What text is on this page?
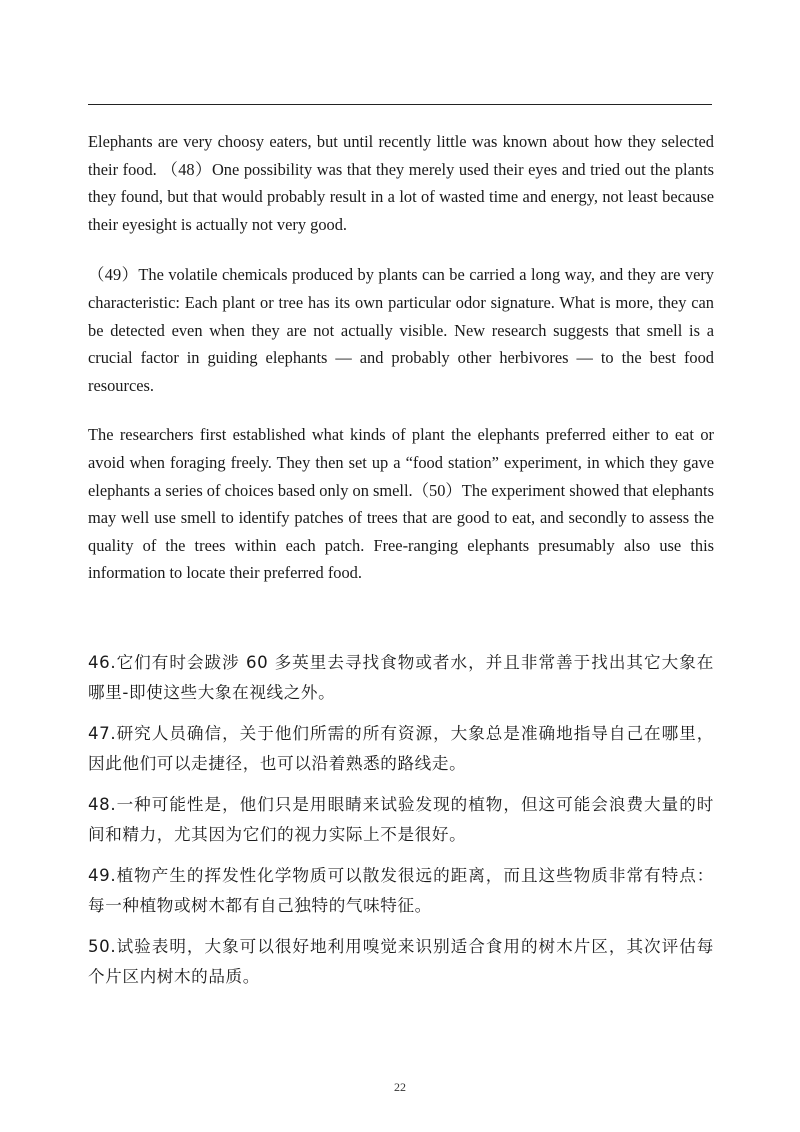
Elephants are very choosy eaters, but until recently little was known about how they selected their food. （48）One possibility was that they merely used their eyes and tried out the plants they found, but that would probably result in a lot of wasted time and energy, not least because their eyesight is actually not very good.

（49）The volatile chemicals produced by plants can be carried a long way, and they are very characteristic: Each plant or tree has its own particular odor signature. What is more, they can be detected even when they are not actually visible. New research suggests that smell is a crucial factor in guiding elephants — and probably other herbivores — to the best food resources.

The researchers first established what kinds of plant the elephants preferred either to eat or avoid when foraging freely. They then set up a “food station” experiment, in which they gave elephants a series of choices based only on smell.（50）The experiment showed that elephants may well use smell to identify patches of trees that are good to eat, and secondly to assess the quality of the trees within each patch. Free-ranging elephants presumably also use this information to locate their preferred food.

46.它们有时会跋涉 60 多英里去寻找食物或者水，并且非常善于找出其它大象在哪里-即使这些大象在视线之外。

47.研究人员确信，关于他们所需的所有资源，大象总是准确地指导自己在哪里，因此他们可以走捷径，也可以沿着熟悉的路线走。

48.一种可能性是，他们只是用眼睛来试验发现的植物，但这可能会浪费大量的时间和精力，尤其因为它们的视力实际上不是很好。

49.植物产生的挥发性化学物质可以散发很远的距离，而且这些物质非常有特点：每一种植物或树木都有自己独特的气味特征。

50.试验表明，大象可以很好地利用嗅觉来识别适合食用的树木片区，其次评估每个片区内树木的品质。

22
